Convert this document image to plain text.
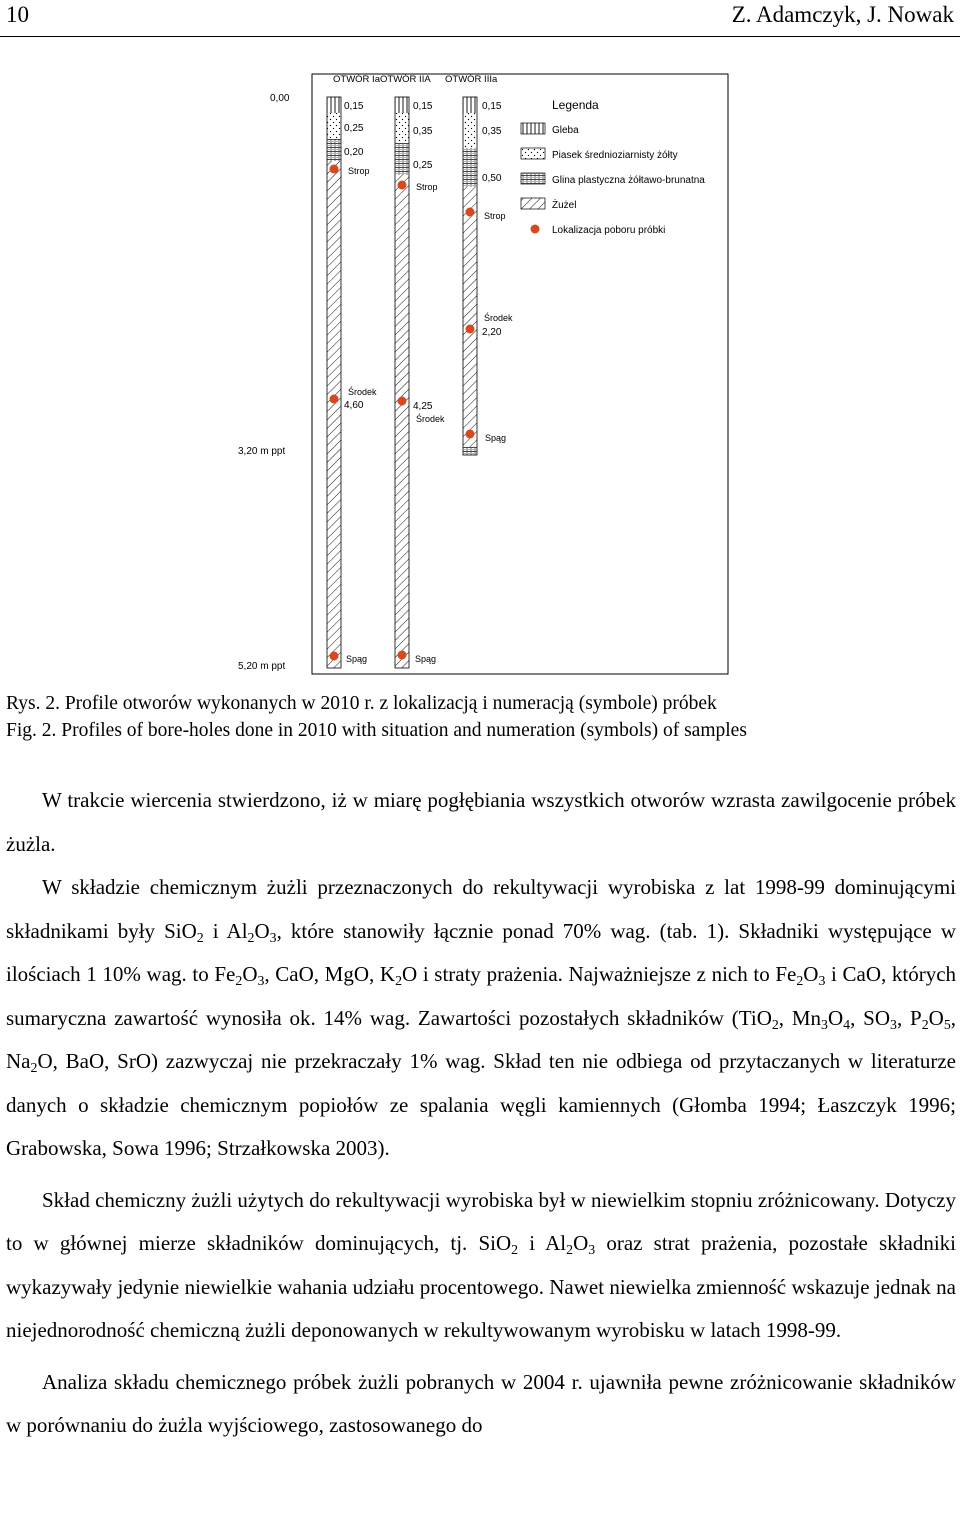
10	Z. Adamczyk, J. Nowak
OTWÓR Ia OTWÓR IIA OTWÓR IIIa
0,00
3,20 m ppt
5,20 m ppt
0,15
0,25
0,20
Strop
Środek
4,60
Spąg
0,15
0,35
0,25
Strop
4,25
Środek
Spąg
0,15
0,35
0,50
Strop
Środek
2,20
Spąg
Legenda
Gleba
Piasek średnioziarnisty żółty
Glina plastyczna żółtawo-brunatna
Żużel
Lokalizacja poboru próbki
Rys. 2. Profile otworów wykonanych w 2010 r. z lokalizacją i numeracją (symbole) próbek
Fig. 2. Profiles of bore-holes done in 2010 with situation and numeration (symbols) of samples

W trakcie wiercenia stwierdzono, iż w miarę pogłębiania wszystkich otworów wzrasta zawilgocenie próbek żużla.

W składzie chemicznym żużli przeznaczonych do rekultywacji wyrobiska z lat 1998-99 dominującymi składnikami były SiO$_2$ i $Al_2O_3$, które stanowiły łącznie ponad 70% wag. (tab. 1). Składniki występujące w ilościach 1 10% wag. to $Fe_2O_3$, CaO, MgO, $K_2O$ i straty prażenia. Najważniejsze z nich to $Fe_2O_3$ i CaO, których sumaryczna zawartość wynosiła ok. 14% wag. Zawartości pozostałych składników (TiO$_2$, $Mn_3O_4$, $SO_3$, $P_2O_5$, $Na_2O$, BaO, SrO) zazwyczaj nie przekraczały 1% wag. Skład ten nie odbiega od przytaczanych w literaturze danych o składzie chemicznym popiołów ze spalania węgli kamiennych (Głomba 1994; Łaszczyk 1996; Grabowska, Sowa 1996; Strzałkowska 2003).

Skład chemiczny żużli użytych do rekultywacji wyrobiska był w niewielkim stopniu zróżnicowany. Dotyczy to w głównej mierze składników dominujących, tj. SiO$_2$ i $Al_2O_3$ oraz strat prażenia, pozostałe składniki wykazywały jedynie niewielkie wahania udziału procentowego. Nawet niewielka zmienność wskazuje jednak na niejednorodność chemiczną żużli deponowanych w rekultywowanym wyrobisku w latach 1998-99.

Analiza składu chemicznego próbek żużli pobranych w 2004 r. ujawniła pewne zróżnicowanie składników w porównaniu do żużla wyjściowego, zastosowanego do
